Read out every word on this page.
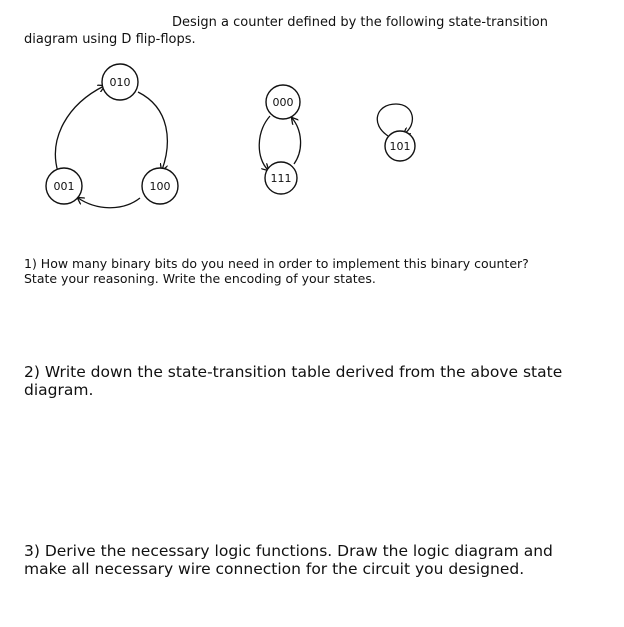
Design a counter defined by the following state-transition
diagram using D flip-flops.
010
001	100
000
111
101
1) How many binary bits do you need in order to implement this binary counter?
State your reasoning. Write the encoding of your states.
2) Write down the state-transition table derived from the above state
diagram.
3) Derive the necessary logic functions. Draw the logic diagram and
make all necessary wire connection for the circuit you designed.
